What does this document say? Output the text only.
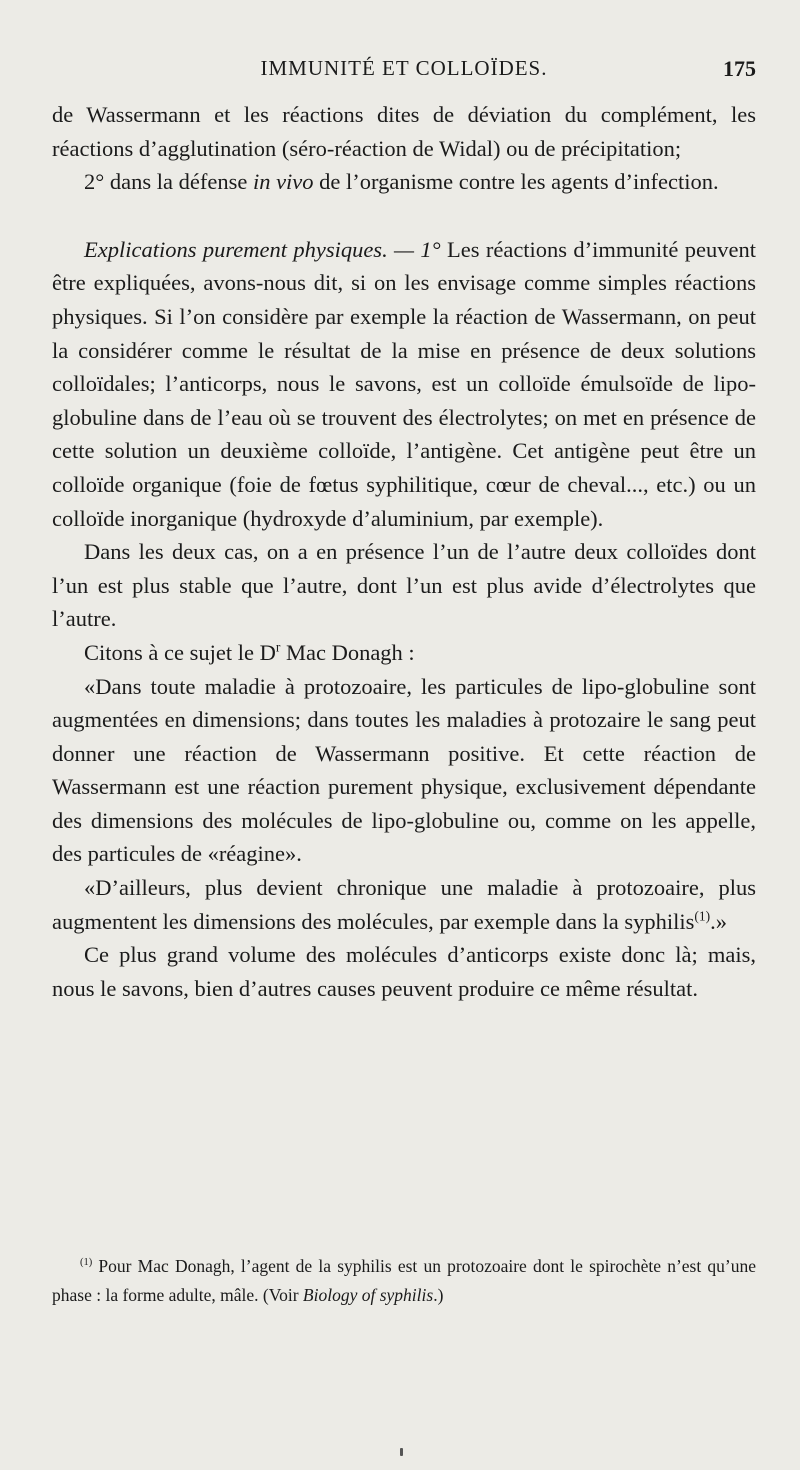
IMMUNITÉ ET COLLOÏDES.	175

de Wassermann et les réactions dites de déviation du complément, les réactions d’agglutination (séro-réaction de Widal) ou de précipitation;

2° dans la défense in vivo de l’organisme contre les agents d’infection.

Explications purement physiques. — 1° Les réactions d’immunité peuvent être expliquées, avons-nous dit, si on les envisage comme simples réactions physiques. Si l’on considère par exemple la réaction de Wassermann, on peut la considérer comme le résultat de la mise en présence de deux solutions colloïdales; l’anticorps, nous le savons, est un colloïde émulsoïde de lipo-globuline dans de l’eau où se trouvent des électrolytes; on met en présence de cette solution un deuxième colloïde, l’antigène. Cet antigène peut être un colloïde organique (foie de fœtus syphilitique, cœur de cheval..., etc.) ou un colloïde inorganique (hydroxyde d’aluminium, par exemple).

Dans les deux cas, on a en présence l’un de l’autre deux colloïdes dont l’un est plus stable que l’autre, dont l’un est plus avide d’électrolytes que l’autre.

Citons à ce sujet le $D^r$ Mac Donagh :

«Dans toute maladie à protozoaire, les particules de lipo-globuline sont augmentées en dimensions; dans toutes les maladies à protozaire le sang peut donner une réaction de Wassermann positive. Et cette réaction de Wassermann est une réaction purement physique, exclusivement dépendante des dimensions des molécules de lipo-globuline ou, comme on les appelle, des particules de «réagine».

«D’ailleurs, plus devient chronique une maladie à protozoaire, plus augmentent les dimensions des molécules, par exemple dans la syphilis$^{(1)}$.»

Ce plus grand volume des molécules d’anticorps existe donc là; mais, nous le savons, bien d’autres causes peuvent produire ce même résultat.

$^{(1)}$ Pour Mac Donagh, l’agent de la syphilis est un protozoaire dont le spirochète n’est qu’une phase : la forme adulte, mâle. (Voir Biology of syphilis.)
